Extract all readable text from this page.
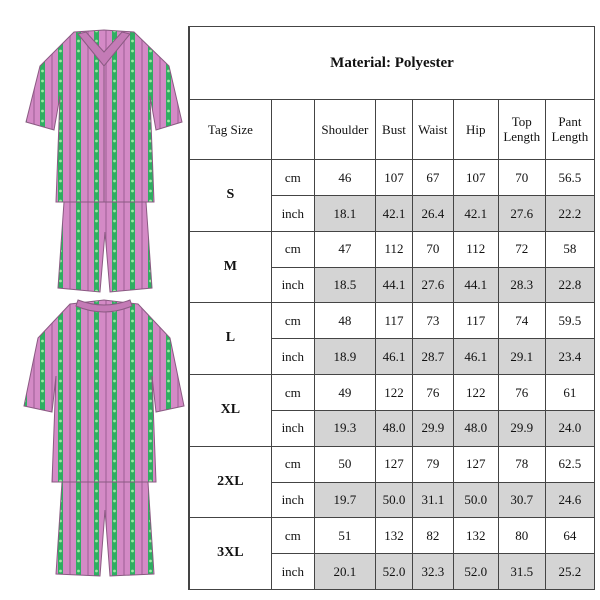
Material: Polyester							
Tag Size		Shoulder	Bust	Waist	Hip	Top Length	Pant Length
S	cm	46	107	67	107	70	56.5
	inch	18.1	42.1	26.4	42.1	27.6	22.2
M	cm	47	112	70	112	72	58
	inch	18.5	44.1	27.6	44.1	28.3	22.8
L	cm	48	117	73	117	74	59.5
	inch	18.9	46.1	28.7	46.1	29.1	23.4
XL	cm	49	122	76	122	76	61
	inch	19.3	48.0	29.9	48.0	29.9	24.0
2XL	cm	50	127	79	127	78	62.5
	inch	19.7	50.0	31.1	50.0	30.7	24.6
3XL	cm	51	132	82	132	80	64
	inch	20.1	52.0	32.3	52.0	31.5	25.2
